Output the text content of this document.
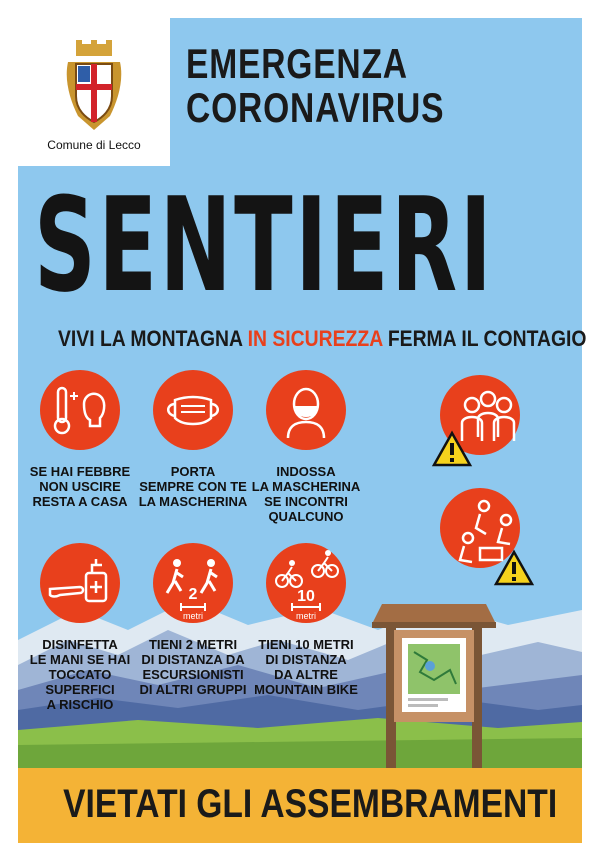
Comune di Lecco
EMERGENZA
CORONAVIRUS
SENTIERI
VIVI LA MONTAGNA IN SICUREZZA FERMA IL CONTAGIO
SE HAI FEBBRE
NON USCIRE
RESTA A CASA
PORTA
SEMPRE CON TE
LA MASCHERINA
INDOSSA
LA MASCHERINA
SE INCONTRI
QUALCUNO
DISINFETTA
LE MANI SE HAI
TOCCATO SUPERFICI
A RISCHIO
2
metri
TIENI 2 METRI
DI DISTANZA DA
ESCURSIONISTI
DI ALTRI GRUPPI
10
metri
TIENI 10 METRI
DI DISTANZA
DA ALTRE
MOUNTAIN BIKE
VIETATI GLI ASSEMBRAMENTI
